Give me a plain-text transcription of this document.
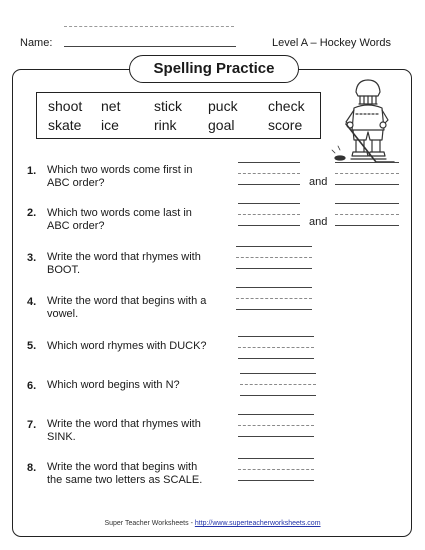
Name:	Level A – Hockey Words
Spelling Practice
shoot net stick puck check
skate ice	rink goal score
1. Which two words come first in
ABC order?	and
2. Which two words come last in
ABC order?	and
3. Write the word that rhymes with
BOOT.
4. Write the word that begins with a
vowel.
5. Which word rhymes with DUCK?
6. Which word begins with N?
7. Write the word that rhymes with
SINK.
8. Write the word that begins with
the same two letters as SCALE.
Super Teacher Worksheets - http://www.superteacherworksheets.com
